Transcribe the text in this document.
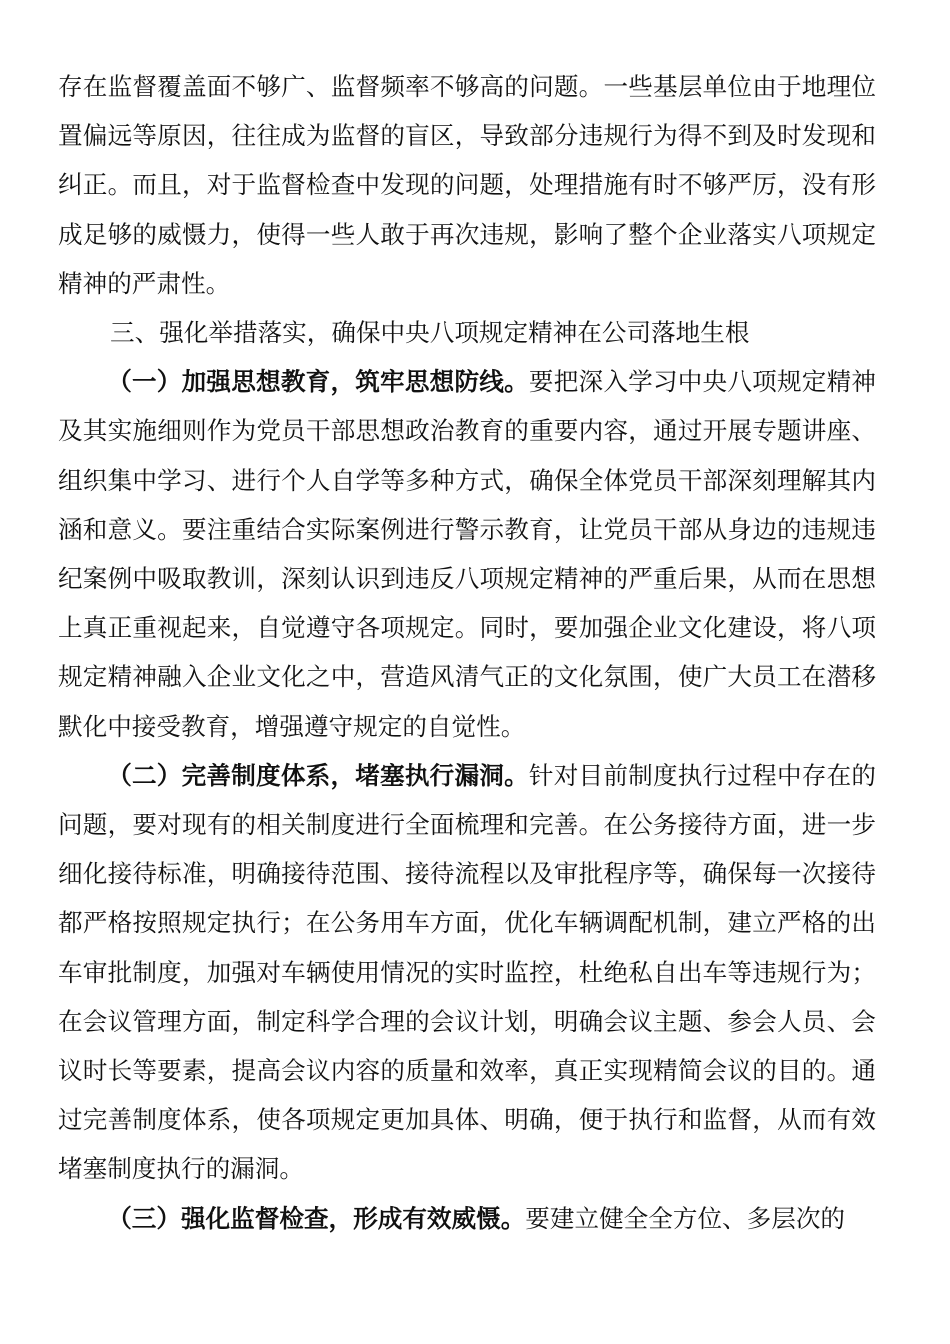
存在监督覆盖面不够广、监督频率不够高的问题。一些基层单位由于地理位置偏远等原因，往往成为监督的盲区，导致部分违规行为得不到及时发现和纠正。而且，对于监督检查中发现的问题，处理措施有时不够严厉，没有形成足够的威慑力，使得一些人敢于再次违规，影响了整个企业落实八项规定精神的严肃性。

三、强化举措落实，确保中央八项规定精神在公司落地生根

（一）加强思想教育，筑牢思想防线。要把深入学习中央八项规定精神及其实施细则作为党员干部思想政治教育的重要内容，通过开展专题讲座、组织集中学习、进行个人自学等多种方式，确保全体党员干部深刻理解其内涵和意义。要注重结合实际案例进行警示教育，让党员干部从身边的违规违纪案例中吸取教训，深刻认识到违反八项规定精神的严重后果，从而在思想上真正重视起来，自觉遵守各项规定。同时，要加强企业文化建设，将八项规定精神融入企业文化之中，营造风清气正的文化氛围，使广大员工在潜移默化中接受教育，增强遵守规定的自觉性。

（二）完善制度体系，堵塞执行漏洞。针对目前制度执行过程中存在的问题，要对现有的相关制度进行全面梳理和完善。在公务接待方面，进一步细化接待标准，明确接待范围、接待流程以及审批程序等，确保每一次接待都严格按照规定执行；在公务用车方面，优化车辆调配机制，建立严格的出车审批制度，加强对车辆使用情况的实时监控，杜绝私自出车等违规行为；在会议管理方面，制定科学合理的会议计划，明确会议主题、参会人员、会议时长等要素，提高会议内容的质量和效率，真正实现精简会议的目的。通过完善制度体系，使各项规定更加具体、明确，便于执行和监督，从而有效堵塞制度执行的漏洞。

（三）强化监督检查，形成有效威慑。要建立健全全方位、多层次的
